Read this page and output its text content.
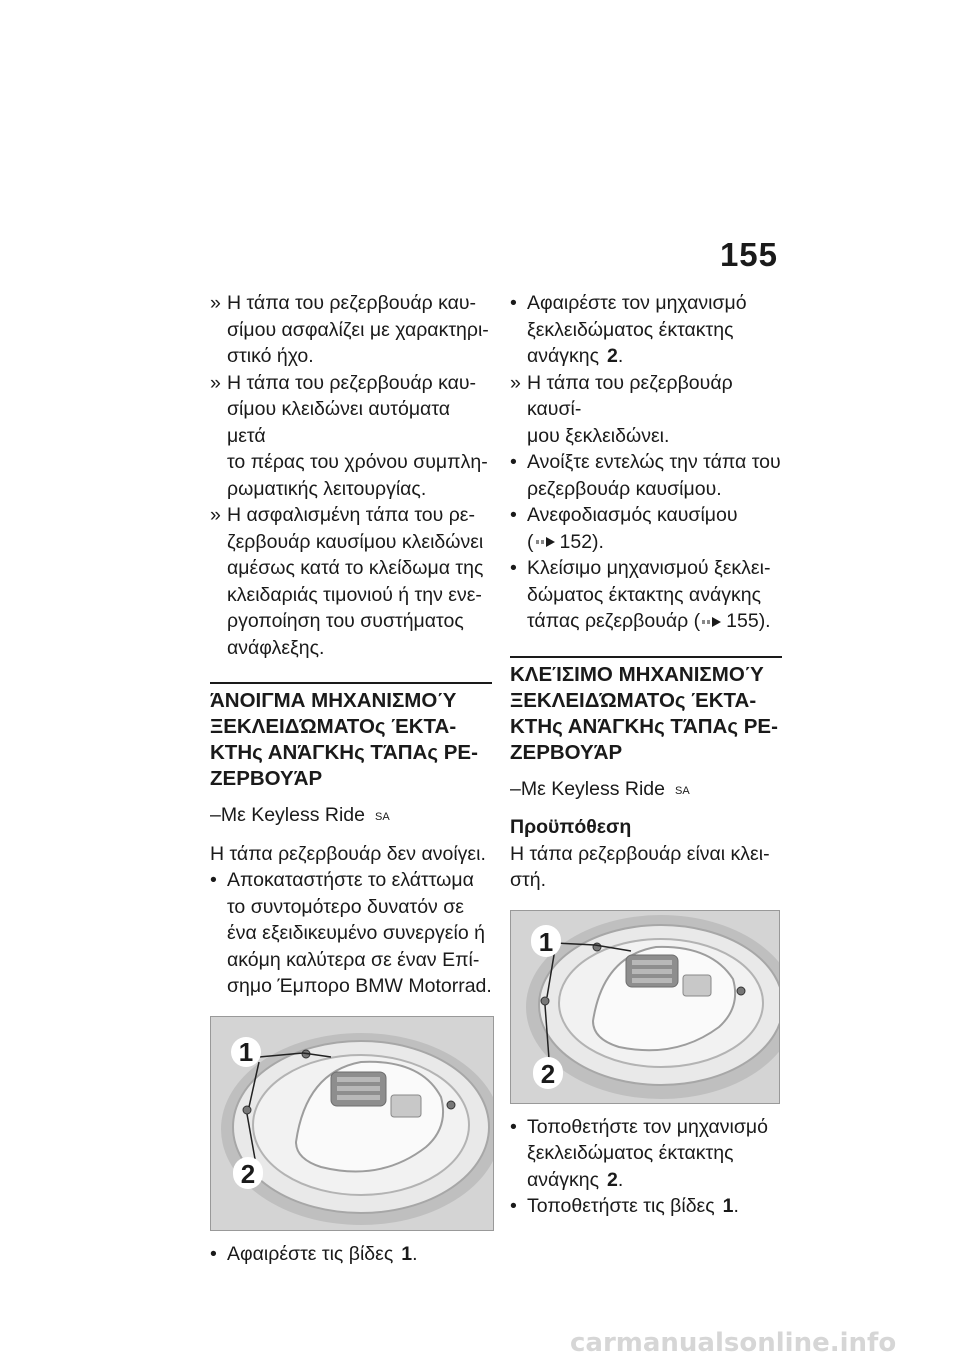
155
» Η τάπα του ρεζερβουάρ καυ-
σίμου ασφαλίζει με χαρακτηρι-
στικό ήχο.
» Η τάπα του ρεζερβουάρ καυ-
σίμου κλειδώνει αυτόματα μετά
το πέρας του χρόνου συμπλη-
ρωματικής λειτουργίας.
» Η ασφαλισμένη τάπα του ρε-
ζερβουάρ καυσίμου κλειδώνει
αμέσως κατά το κλείδωμα της
κλειδαριάς τιμονιού ή την ενε-
ργοποίηση του συστήματος
ανάφλεξης.
ΆΝΟΙΓΜΑ ΜΗΧΑΝΙΣΜΟΎ
ΞΕΚΛΕΙΔΏΜΑΤΟς ΈΚΤΑ-
ΚΤΗς ΑΝΆΓΚΗς ΤΆΠΑς ΡΕ-
ΖΕΡΒΟΥΆΡ
–Με Keyless Ride $^{SA}$
Η τάπα ρεζερβουάρ δεν ανοίγει.
• Αποκαταστήστε το ελάττωμα
το συντομότερο δυνατόν σε
ένα εξειδικευμένο συνεργείο ή
ακόμη καλύτερα σε έναν Επί-
σημο Έμπορο BMW Motorrad.
1
2
• Αφαιρέστε τις βίδες 1.
• Αφαιρέστε τον μηχανισμό
ξεκλειδώματος έκτακτης
ανάγκης 2.
» Η τάπα του ρεζερβουάρ καυσί-
μου ξεκλειδώνει.
• Ανοίξτε εντελώς την τάπα του
ρεζερβουάρ καυσίμου.
• Ανεφοδιασμός καυσίμου
( 152).
• Κλείσιμο μηχανισμού ξεκλει-
δώματος έκτακτης ανάγκης
τάπας ρεζερβουάρ ( 155).
ΚΛΕΊΣΙΜΟ ΜΗΧΑΝΙΣΜΟΎ
ΞΕΚΛΕΙΔΏΜΑΤΟς ΈΚΤΑ-
ΚΤΗς ΑΝΆΓΚΗς ΤΆΠΑς ΡΕ-
ΖΕΡΒΟΥΆΡ
–Με Keyless Ride $^{SA}$
Προϋπόθεση
Η τάπα ρεζερβουάρ είναι κλει-
στή.
1
2
• Τοποθετήστε τον μηχανισμό
ξεκλειδώματος έκτακτης
ανάγκης 2.
• Τοποθετήστε τις βίδες 1.
carmanualsonline.info
